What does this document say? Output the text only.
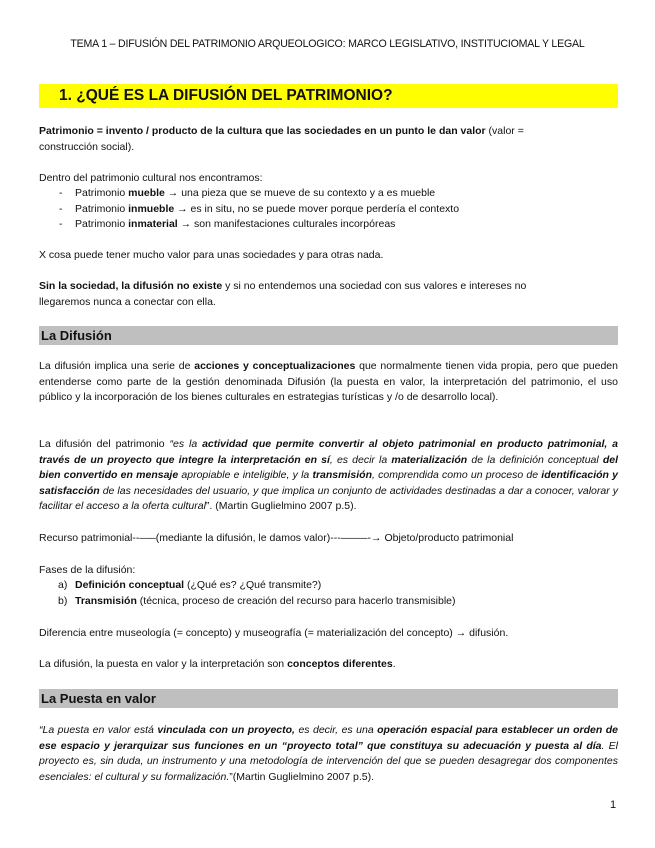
TEMA 1 – DIFUSIÓN DEL PATRIMONIO ARQUEOLOGICO: MARCO LEGISLATIVO, INSTITUCIOMAL Y LEGAL
1. ¿QUÉ ES LA DIFUSIÓN DEL PATRIMONIO?

Patrimonio = invento / producto de la cultura que las sociedades en un punto le dan valor (valor =
construcción social).

Dentro del patrimonio cultural nos encontramos:

- Patrimonio mueble → una pieza que se mueve de su contexto y a es mueble
- Patrimonio inmueble → es in situ, no se puede mover porque perdería el contexto
- Patrimonio inmaterial → son manifestaciones culturales incorpóreas

X cosa puede tener mucho valor para unas sociedades y para otras nada.

Sin la sociedad, la difusión no existe y si no entendemos una sociedad con sus valores e intereses no
llegaremos nunca a conectar con ella.

La Difusión

La difusión implica una serie de acciones y conceptualizaciones que normalmente tienen vida propia, pero que pueden entenderse como parte de la gestión denominada Difusión (la puesta en valor, la interpretación del patrimonio, el uso público y la incorporación de los bienes culturales en estrategias turísticas y /o de desarrollo local).

La difusión del patrimonio “es la actividad que permite convertir al objeto patrimonial en producto patrimonial, a través de un proyecto que integre la interpretación en sí, es decir la materialización de la definición conceptual del bien convertido en mensaje apropiable e inteligible, y la transmisión, comprendida como un proceso de identificación y satisfacción de las necesidades del usuario, y que implica un conjunto de actividades destinadas a dar a conocer, valorar y facilitar el acceso a la oferta cultural”. (Martin Guglielmino 2007 p.5).

Recurso patrimonial--–—(mediante la difusión, le damos valor)---–——-→ Objeto/producto patrimonial

Fases de la difusión:

a) Definición conceptual (¿Qué es? ¿Qué transmite?)
b) Transmisión (técnica, proceso de creación del recurso para hacerlo transmisible)

Diferencia entre museología (= concepto) y museografía (= materialización del concepto) → difusión.

La difusión, la puesta en valor y la interpretación son conceptos diferentes.

La Puesta en valor

“La puesta en valor está vinculada con un proyecto, es decir, es una operación espacial para establecer un orden de ese espacio y jerarquizar sus funciones en un “proyecto total” que constituya su adecuación y puesta al día. El proyecto es, sin duda, un instrumento y una metodología de intervención del que se pueden desagregar dos componentes esenciales: el cultural y su formalización.”(Martin Guglielmino 2007 p.5).

1
